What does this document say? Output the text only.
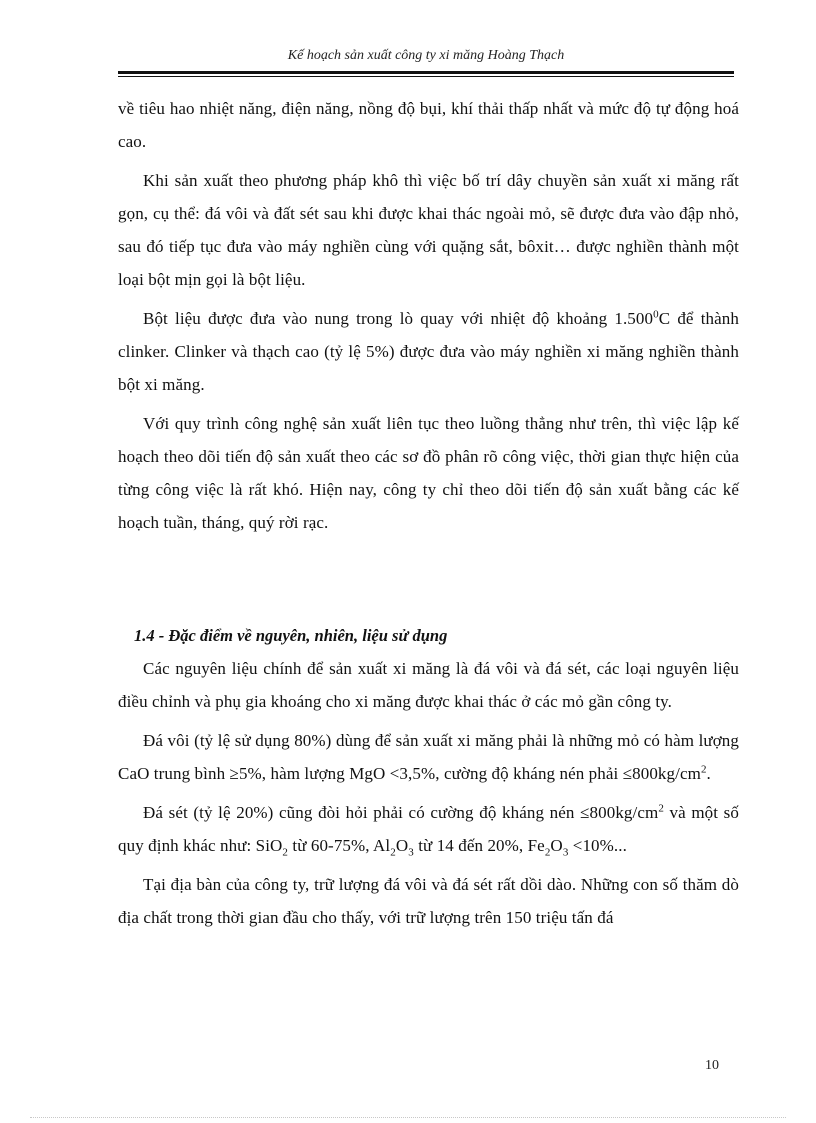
Kế hoạch sản xuất công ty xi măng Hoàng Thạch

về tiêu hao nhiệt năng, điện năng, nồng độ bụi, khí thải thấp nhất và mức độ tự động hoá cao.

Khi sản xuất theo phương pháp khô thì việc bố trí dây chuyền sản xuất xi măng rất gọn, cụ thể: đá vôi và đất sét sau khi được khai thác ngoài mỏ, sẽ được đưa vào đập nhỏ, sau đó tiếp tục đưa vào máy nghiền cùng với quặng sắt, bôxit… được nghiền thành một loại bột mịn gọi là bột liệu.

Bột liệu được đưa vào nung trong lò quay với nhiệt độ khoảng 1.500$^0$C để thành clinker. Clinker và thạch cao (tỷ lệ 5%) được đưa vào máy nghiền xi măng nghiền thành bột xi măng.

Với quy trình công nghệ sản xuất liên tục theo luồng thẳng như trên, thì việc lập kế hoạch theo dõi tiến độ sản xuất theo các sơ đồ phân rõ công việc, thời gian thực hiện của từng công việc là rất khó. Hiện nay, công ty chỉ theo dõi tiến độ sản xuất bằng các kế hoạch tuần, tháng, quý rời rạc.

1.4 - Đặc điểm về nguyên, nhiên, liệu sử dụng

Các nguyên liệu chính để sản xuất xi măng là đá vôi và đá sét, các loại nguyên liệu điều chỉnh và phụ gia khoáng cho xi măng được khai thác ở các mỏ gần công ty.

Đá vôi (tỷ lệ sử dụng 80%) dùng để sản xuất xi măng phải là những mỏ có hàm lượng CaO trung bình ≥5%, hàm lượng MgO <3,5%, cường độ kháng nén phải $\le 800kg/cm^2$.

Đá sét (tỷ lệ 20%) cũng đòi hỏi phải có cường độ kháng nén $\le 800kg/cm^2$ và một số quy định khác như: SiO$_2$ từ 60-75%, $Al_2O_3$ từ 14 đến 20%, $Fe_2O_3 <10\%$...

Tại địa bàn của công ty, trữ lượng đá vôi và đá sét rất dồi dào. Những con số thăm dò địa chất trong thời gian đầu cho thấy, với trữ lượng trên 150 triệu tấn đá

10
